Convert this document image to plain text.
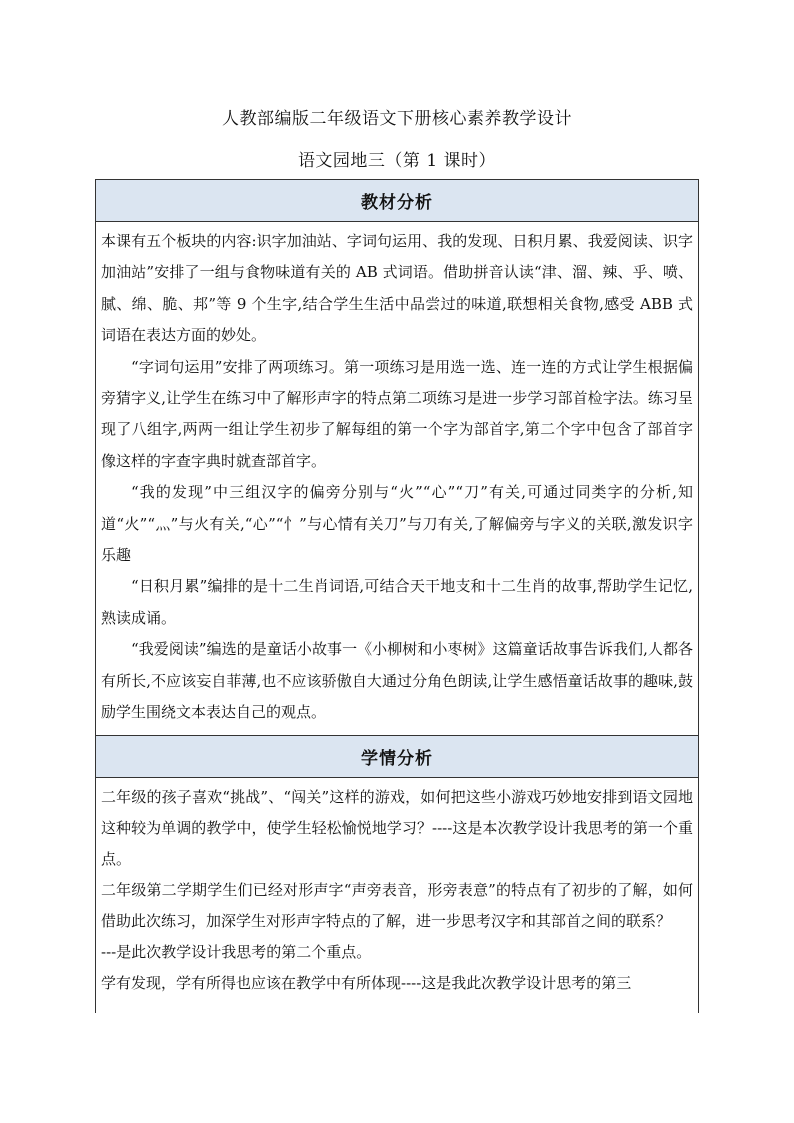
人教部编版二年级语文下册核心素养教学设计
语文园地三（第 1 课时）
教材分析

本课有五个板块的内容:识字加油站、字词句运用、我的发现、日积月累、我爱阅读、识字加油站”安排了一组与食物味道有关的 AB 式词语。借助拼音认读“津、溜、辣、乎、喷、腻、绵、脆、邦”等 9 个生字,结合学生生活中品尝过的味道,联想相关食物,感受 ABB 式词语在表达方面的妙处。

“字词句运用”安排了两项练习。第一项练习是用选一选、连一连的方式让学生根据偏旁猜字义,让学生在练习中了解形声字的特点第二项练习是进一步学习部首检字法。练习呈现了八组字,两两一组让学生初步了解每组的第一个字为部首字,第二个字中包含了部首字像这样的字查字典时就查部首字。

“我的发现”中三组汉字的偏旁分别与“火”“心”“刀”有关,可通过同类字的分析,知道“火”“灬”与火有关,“心”“忄”与心情有关刀”与刀有关,了解偏旁与字义的关联,激发识字乐趣

“日积月累”编排的是十二生肖词语,可结合天干地支和十二生肖的故事,帮助学生记忆,熟读成诵。

“我爱阅读”编选的是童话小故事一《小柳树和小枣树》这篇童话故事告诉我们,人都各有所长,不应该妄自菲薄,也不应该骄傲自大通过分角色朗读,让学生感悟童话故事的趣味,鼓励学生围绕文本表达自己的观点。

学情分析

二年级的孩子喜欢“挑战”、“闯关”这样的游戏，如何把这些小游戏巧妙地安排到语文园地这种较为单调的教学中，使学生轻松愉悦地学习？----这是本次教学设计我思考的第一个重点。

二年级第二学期学生们已经对形声字“声旁表音，形旁表意”的特点有了初步的了解，如何借助此次练习，加深学生对形声字特点的了解，进一步思考汉字和其部首之间的联系？

---是此次教学设计我思考的第二个重点。

学有发现，学有所得也应该在教学中有所体现----这是我此次教学设计思考的第三
